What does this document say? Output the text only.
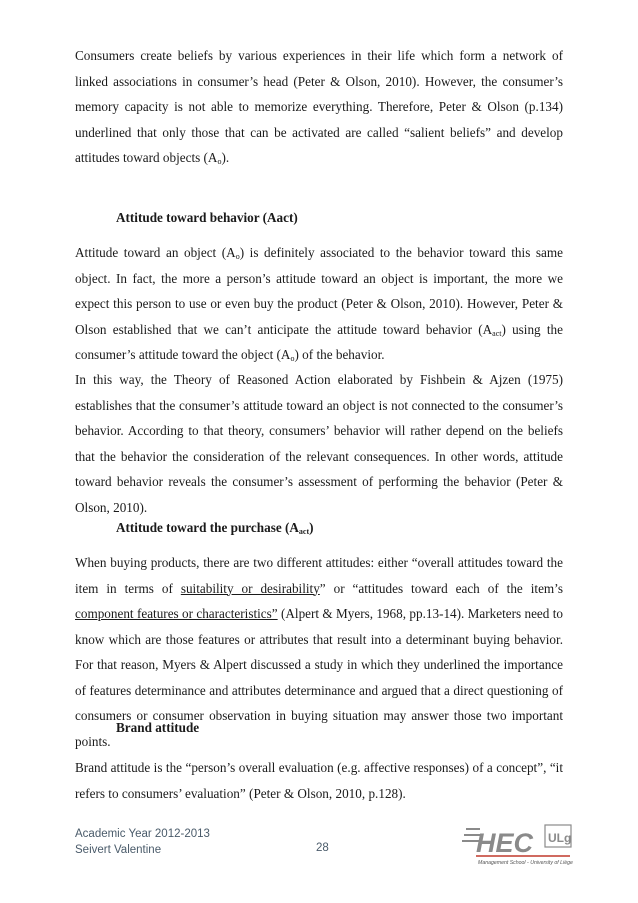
Consumers create beliefs by various experiences in their life which form a network of linked associations in consumer’s head (Peter & Olson, 2010). However, the consumer’s memory capacity is not able to memorize everything. Therefore, Peter & Olson (p.134) underlined that only those that can be activated are called “salient beliefs” and develop attitudes toward objects $(A_o)$.

Attitude toward behavior (Aact)

Attitude toward an object $(A_o)$ is definitely associated to the behavior toward this same object. In fact, the more a person’s attitude toward an object is important, the more we expect this person to use or even buy the product (Peter & Olson, 2010). However, Peter & Olson established that we can’t anticipate the attitude toward behavior $(A_{act})$ using the consumer’s attitude toward the object $(A_o)$ of the behavior.

In this way, the Theory of Reasoned Action elaborated by Fishbein & Ajzen (1975) establishes that the consumer’s attitude toward an object is not connected to the consumer’s behavior. According to that theory, consumers’ behavior will rather depend on the beliefs that the behavior the consideration of the relevant consequences. In other words, attitude toward behavior reveals the consumer’s assessment of performing the behavior (Peter & Olson, 2010).

Attitude toward the purchase $(A_{act})$

When buying products, there are two different attitudes: either “overall attitudes toward the item in terms of suitability or desirability” or “attitudes toward each of the item’s component features or characteristics” (Alpert & Myers, 1968, pp.13-14). Marketers need to know which are those features or attributes that result into a determinant buying behavior. For that reason, Myers & Alpert discussed a study in which they underlined the importance of features determinance and attributes determinance and argued that a direct questioning of consumers or consumer observation in buying situation may answer those two important points.

Brand attitude

Brand attitude is the “person’s overall evaluation (e.g. affective responses) of a concept”, “it refers to consumers’ evaluation” (Peter & Olson, 2010, p.128).

Academic Year 2012-2013
Seivert Valentine	28	HEC ULg
Management School - University of Liège
